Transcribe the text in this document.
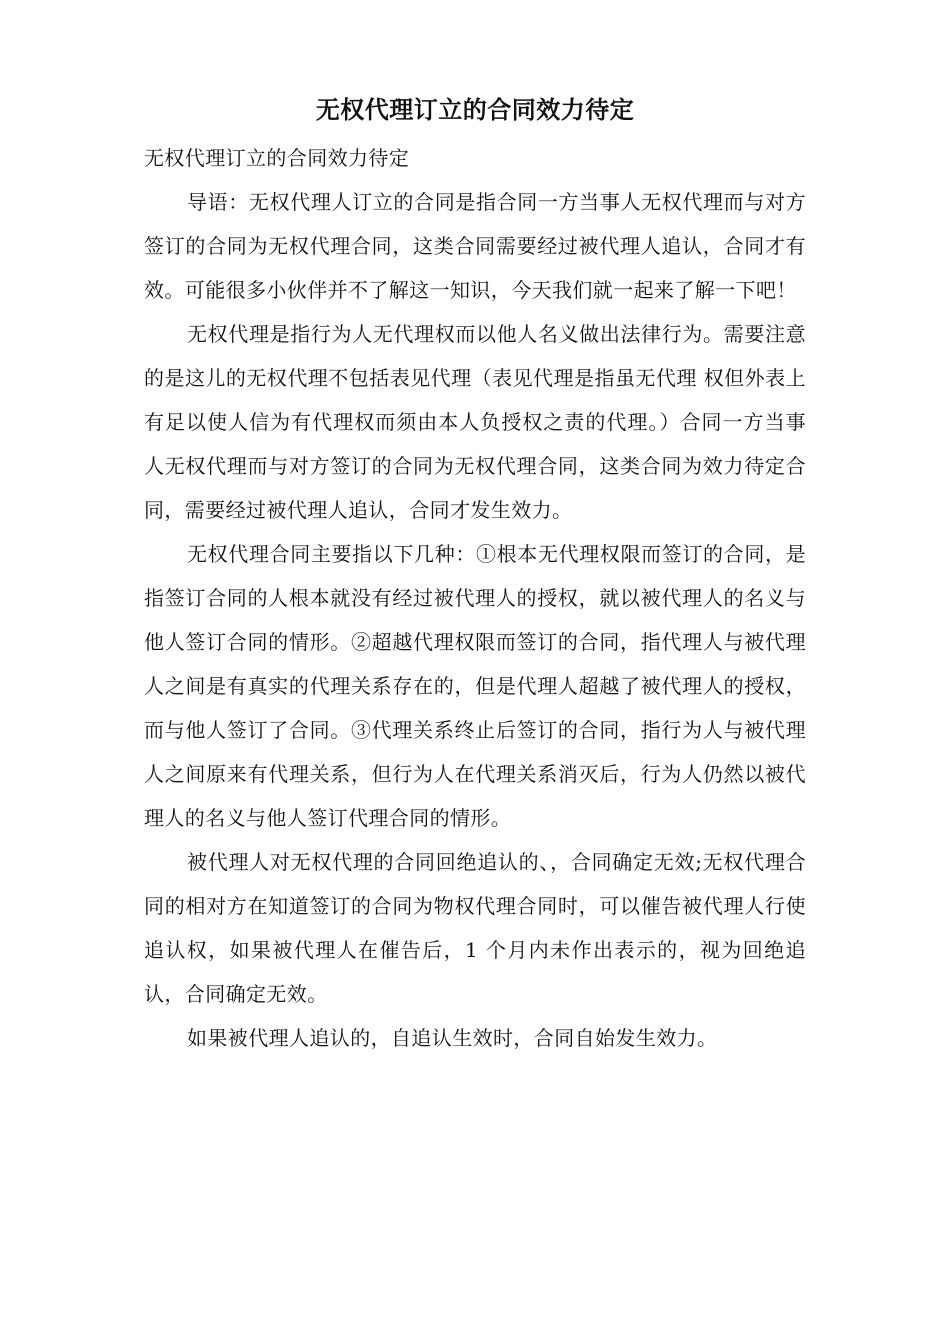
无权代理订立的合同效力待定

无权代理订立的合同效力待定

导语：无权代理人订立的合同是指合同一方当事人无权代理而与对方签订的合同为无权代理合同，这类合同需要经过被代理人追认，合同才有效。可能很多小伙伴并不了解这一知识，今天我们就一起来了解一下吧！

无权代理是指行为人无代理权而以他人名义做出法律行为。需要注意的是这儿的无权代理不包括表见代理（表见代理是指虽无代理 权但外表上有足以使人信为有代理权而须由本人负授权之责的代理。）合同一方当事人无权代理而与对方签订的合同为无权代理合同，这类合同为效力待定合同，需要经过被代理人追认，合同才发生效力。

无权代理合同主要指以下几种：①根本无代理权限而签订的合同，是指签订合同的人根本就没有经过被代理人的授权，就以被代理人的名义与他人签订合同的情形。②超越代理权限而签订的合同，指代理人与被代理人之间是有真实的代理关系存在的，但是代理人超越了被代理人的授权，而与他人签订了合同。③代理关系终止后签订的合同，指行为人与被代理人之间原来有代理关系，但行为人在代理关系消灭后，行为人仍然以被代理人的名义与他人签订代理合同的情形。

被代理人对无权代理的合同回绝追认的、，合同确定无效;无权代理合同的相对方在知道签订的合同为物权代理合同时，可以催告被代理人行使追认权，如果被代理人在催告后，1 个月内未作出表示的，视为回绝追认，合同确定无效。

如果被代理人追认的，自追认生效时，合同自始发生效力。
